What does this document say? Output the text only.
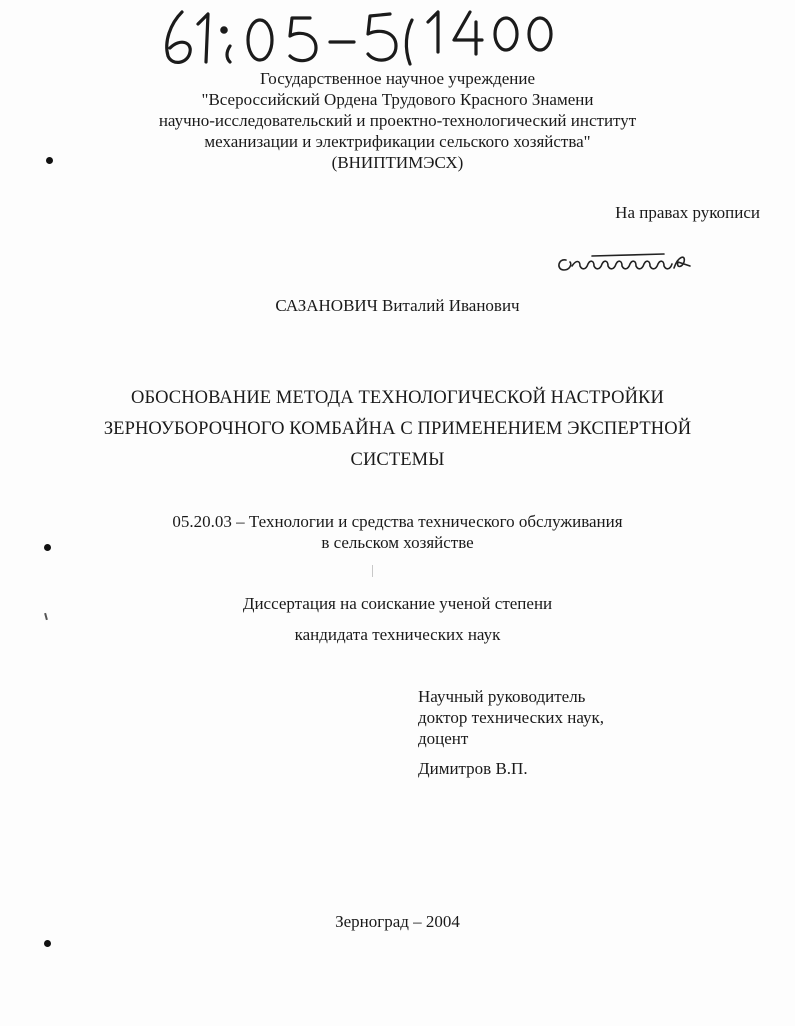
Государственное научное учреждение
"Всероссийский Ордена Трудового Красного Знамени
научно-исследовательский и проектно-технологический институт
механизации и электрификации сельского хозяйства"
(ВНИПТИМЭСХ)
На правах рукописи
САЗАНОВИЧ Виталий Иванович
ОБОСНОВАНИЕ МЕТОДА ТЕХНОЛОГИЧЕСКОЙ НАСТРОЙКИ
ЗЕРНОУБОРОЧНОГО КОМБАЙНА С ПРИМЕНЕНИЕМ ЭКСПЕРТНОЙ
СИСТЕМЫ
05.20.03 – Технологии и средства технического обслуживания
в сельском хозяйстве
Диссертация на соискание ученой степени
кандидата технических наук
Научный руководитель
доктор технических наук,
доцент
Димитров В.П.
Зерноград – 2004
